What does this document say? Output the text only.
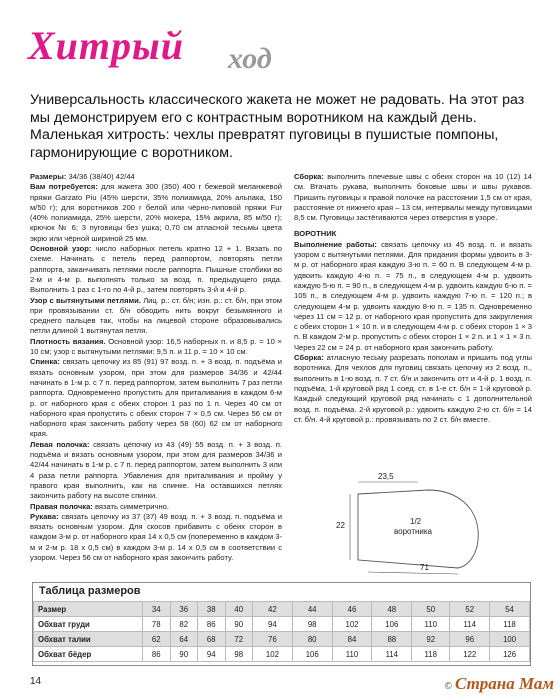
Хитрый ход
Универсальность классического жакета не может не радовать. На этот раз мы демонстрируем его с контрастным воротником на каждый день. Маленькая хитрость: чехлы превратят пуговицы в пушистые помпоны, гармонирующие с воротником.

Размеры: 34/36 (38/40) 42/44

Вам потребуется: для жакета 300 (350) 400 г бежевой меланжевой пряжи Garzato Piu (45% шерсти, 35% полиамида, 20% альпака, 150 м/50 г); для воротников 200 г белой или чёрно-липовой пряжи Fur (40% полиамида, 25% шерсти, 20% мохера, 15% акрила, 85 м/50 г); крючок № 6; 3 пуговицы без ушка; 0,70 см атласной тесьмы цвета экрю или чёрной шириной 25 мм.

Основной узор: число наборных петель кратно 12 + 1. Вязать по схеме. Начинать с петель перед раппортом, повторять петли раппорта, заканчивать петлями после раппорта. Пышные столбики во 2-м и 4-м р. выполнять только за возд. п. предыдущего ряда. Выполнить 1 раз с 1-го по 4-й р., затем повторять 3-й и 4-й р.

Узор с вытянутыми петлями. Лиц. р.: ст. б/н; изн. р.: ст. б/н, при этом при провязывании ст. б/н обводить нить вокруг безымянного и среднего пальцев так, чтобы на лицевой стороне образовывались петли длиной 1 вытянутая петля.

Плотность вязания. Основной узор: 16,5 наборных п. и 8,5 р. = 10 × 10 см; узор с вытянутыми петлями: 9,5 п. и 11 р. = 10 × 10 см.

Спинка: связать цепочку из 85 (91) 97 возд. п. + 3 возд. п. подъёма и вязать основным узором, при этом для размеров 34/36 и 42/44 начинать в 1-м р. с 7 п. перед раппортом, затем выполнить 7 раз петли раппорта. Одновременно пропустить для приталивания в каждом 6-м р. от наборного края с обеих сторон 1 раз по 1 п. Через 40 см от наборного края пропустить с обеих сторон 7 × 0,5 см. Через 56 см от наборного края закончить работу через 58 (60) 62 см от наборного края.

Левая полочка: связать цепочку из 43 (49) 55 возд. п. + 3 возд. п. подъёма и вязать основным узором, при этом для размеров 34/36 и 42/44 начинать в 1-м р. с 7 п. перед раппортом, затем выполнить 3 или 4 раза петли раппорта. Убавления для приталивания и пройму у правого края выполнить, как на спинке. На оставшихся петлях закончить работу на высоте спинки.

Правая полочка: вязать симметрично.

Рукава: связать цепочку из 37 (37) 49 возд. п. + 3 возд. п. подъёма и вязать основным узором. Для скосов прибавить с обеих сторон в каждом 3-м р. от наборного края 14 x 0,5 см (попеременно в каждом 3-м и 2-м р. 18 x 0,5 см) в каждом 3-м р. 14 x 0,5 см в соответствии с узором. Через 56 см от наборного края закончить работу.

Сборка: выполнить плечевые швы с обеих сторон на 10 (12) 14 см. Втачать рукава, выполнить боковые швы и швы рукавов. Пришить пуговицы к правой полочке на расстоянии 1,5 см от края, расстояние от нижнего края – 13 см, интервалы между пуговицами 8,5 см. Пуговицы застёгиваются через отверстия в узоре.

ВОРОТНИК

Выполнение работы: связать цепочку из 45 возд. п. и вязать узором с вытянутыми петлями. Для придания формы удвоить в 3-м р. от наборного края каждую 3-ю п. = 60 п. В следующем 4-м р. удвоить каждую 4-ю п. = 75 п., в следующем 4-м р. удвоить каждую 5-ю п. = 90 п., в следующем 4-м р. удвоить каждую 6-ю п. = 105 п., в следующем 4-м р. удвоить каждую 7-ю п. = 120 п.; в следующем 4-м р. удвоить каждую 8-ю п. = 135 п. Одновременно через 11 см = 12 р. от наборного края пропустить для закругления с обеих сторон 1 × 10 п. и в следующем 4-м р. с обеих сторон 1 × 3 п. В каждом 2-м р. пропустить с обеих сторон 1 × 2 п. и 1 × 1 × 3 п. Через 22 см = 24 р. от наборного края закончить работу.

Сборка: атласную тесьму разрезать пополам и пришить под углы воротника. Для чехлов для пуговиц связать цепочку из 2 возд. п., выполнить в 1-ю возд. п. 7 ст. б/н и закончить отт и 4-й р. 1 возд. п. подъёма, 1-й круговой ряд 1 соед. ст. в 1-е ст. б/н = 1-й круговой р. Каждый следующий круговой ряд начинать с 1 дополнительной возд. п. подъёма. 2-й круговой р.: удвоить каждую 2-ю ст. б/н = 14 ст. б/н. 4-й круговой р.: провязывать по 2 ст. б/н вместе.

23,5
22
71
1/2
воротника
Таблица размеров
Размер	34	36	38	40	42	44	46	48	50	52	54
Обхват груди	78	82	86	90	94	98	102	106	110	114	118
Обхват талии	62	64	68	72	76	80	84	88	92	96	100
Обхват бёдер	86	90	94	98	102	106	110	114	118	122	126
14	© Страна Мам
